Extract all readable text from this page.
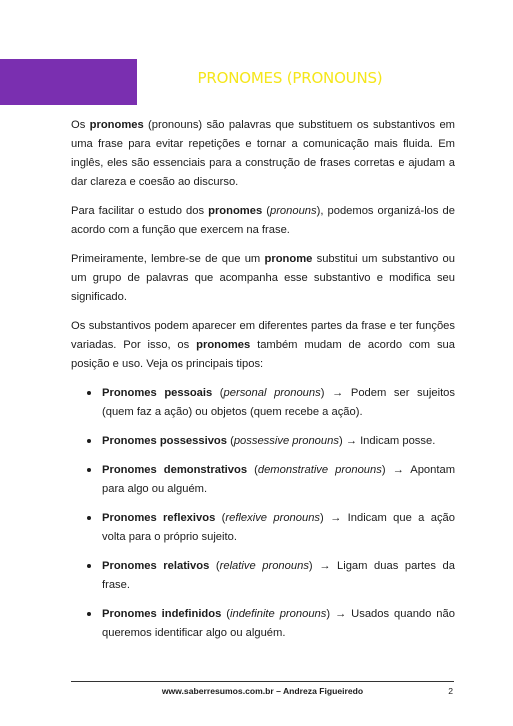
PRONOMES (PRONOUNS)

Os pronomes (pronouns) são palavras que substituem os substantivos em uma frase para evitar repetições e tornar a comunicação mais fluida. Em inglês, eles são essenciais para a construção de frases corretas e ajudam a dar clareza e coesão ao discurso.

Para facilitar o estudo dos pronomes (pronouns), podemos organizá-los de acordo com a função que exercem na frase.

Primeiramente, lembre-se de que um pronome substitui um substantivo ou um grupo de palavras que acompanha esse substantivo e modifica seu significado.

Os substantivos podem aparecer em diferentes partes da frase e ter funções variadas. Por isso, os pronomes também mudam de acordo com sua posição e uso. Veja os principais tipos:

Pronomes pessoais (personal pronouns) → Podem ser sujeitos (quem faz a ação) ou objetos (quem recebe a ação).
Pronomes possessivos (possessive pronouns) → Indicam posse.
Pronomes demonstrativos (demonstrative pronouns) → Apontam para algo ou alguém.
Pronomes reflexivos (reflexive pronouns) → Indicam que a ação volta para o próprio sujeito.
Pronomes relativos (relative pronouns) → Ligam duas partes da frase.
Pronomes indefinidos (indefinite pronouns) → Usados quando não queremos identificar algo ou alguém.
www.saberresumos.com.br – Andreza Figueiredo	2
